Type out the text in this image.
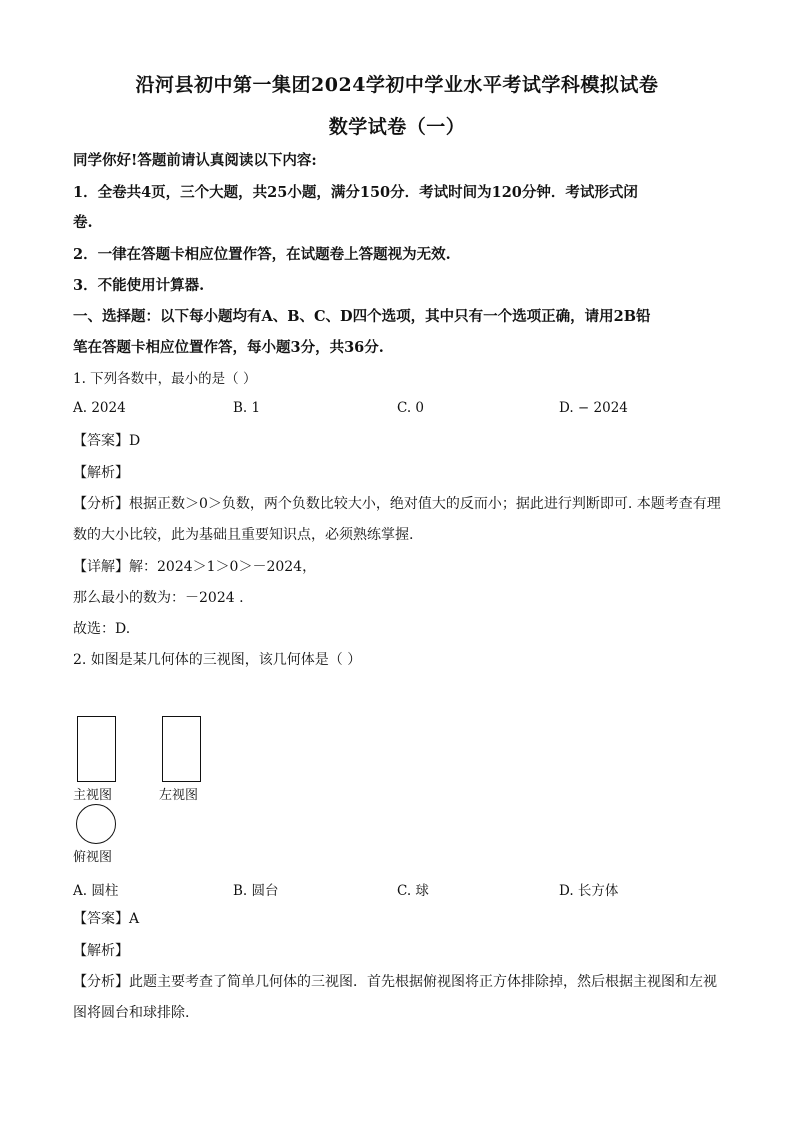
沿河县初中第一集团2024学初中学业水平考试学科模拟试卷
数学试卷（一）
同学你好!答题前请认真阅读以下内容:
1．全卷共4页，三个大题，共25小题，满分150分．考试时间为120分钟．考试形式闭
卷.
2．一律在答题卡相应位置作答，在试题卷上答题视为无效.
3．不能使用计算器.
一、选择题：以下每小题均有A、B、C、D四个选项，其中只有一个选项正确，请用2B铅
笔在答题卡相应位置作答，每小题3分，共36分.
1. 下列各数中，最小的是（ ）
A. 2024	B. 1	C. 0	D. − 2024
【答案】D
【解析】
【分析】根据正数＞0＞负数，两个负数比较大小，绝对值大的反而小；据此进行判断即可. 本题考查有理
数的大小比较，此为基础且重要知识点，必须熟练掌握.
【详解】解：2024＞1＞0＞－2024，
那么最小的数为：－2024 .
故选：D.
2. 如图是某几何体的三视图，该几何体是（ ）
主视图	左视图
俯视图
A. 圆柱	B. 圆台	C. 球	D. 长方体
【答案】A
【解析】
【分析】此题主要考查了简单几何体的三视图．首先根据俯视图将正方体排除掉，然后根据主视图和左视
图将圆台和球排除.
